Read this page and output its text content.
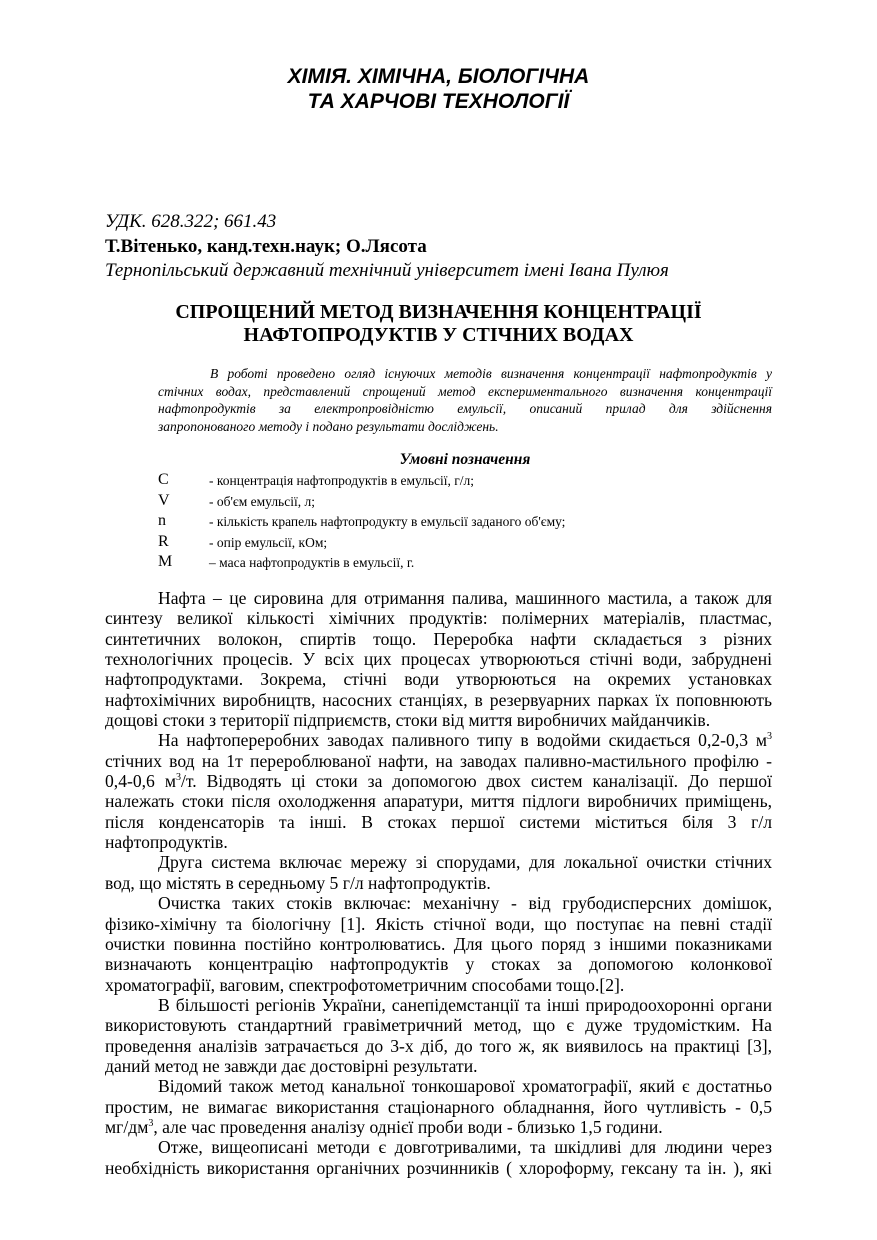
ХІМІЯ. ХІМІЧНА, БІОЛОГІЧНА
ТА ХАРЧОВІ ТЕХНОЛОГІЇ
УДК. 628.322; 661.43
Т.Вітенько, канд.техн.наук; О.Лясота
Тернопільський державний технічний університет імені Івана Пулюя
СПРОЩЕНИЙ МЕТОД ВИЗНАЧЕННЯ КОНЦЕНТРАЦІЇ
НАФТОПРОДУКТІВ У СТІЧНИХ ВОДАХ
В роботі проведено огляд існуючих методів визначення концентрації нафтопродуктів у
стічних водах, представлений спрощений метод експериментального визначення концентрації
нафтопродуктів за електропровідністю емульсії, описаний прилад для здійснення
запропонованого методу і подано результати досліджень.
Умовні позначення
C	- концентрація нафтопродуктів в емульсії, г/л;
V	- об'єм емульсії, л;
n	- кількість крапель нафтопродукту в емульсії заданого об'єму;
R	- опір емульсії, кОм;
M	– маса нафтопродуктів в емульсії, г.
Нафта – це сировина для отримання палива, машинного мастила, а також для
синтезу великої кількості хімічних продуктів: полімерних матеріалів, пластмас,
синтетичних волокон, спиртів тощо. Переробка нафти складається з різних
технологічних процесів. У всіх цих процесах утворюються стічні води, забруднені
нафтопродуктами. Зокрема, стічні води утворюються на окремих установках
нафтохімічних виробництв, насосних станціях, в резервуарних парках їх поповнюють
дощові стоки з території підприємств, стоки від миття виробничих майданчиків.
На нафтопереробних заводах паливного типу в водойми скидається 0,2-0,3 $м^3$
стічних вод на 1т перероблюваної нафти, на заводах паливно-мастильного профілю -
0,4-0,6 $м^3/т$. Відводять ці стоки за допомогою двох систем каналізації. До першої
належать стоки після охолодження апаратури, миття підлоги виробничих приміщень,
після конденсаторів та інші. В стоках першої системи міститься біля 3 г/л
нафтопродуктів.
Друга система включає мережу зі спорудами, для локальної очистки стічних
вод, що містять в середньому 5 г/л нафтопродуктів.
Очистка таких стоків включає: механічну - від грубодисперсних домішок,
фізико-хімічну та біологічну [1]. Якість стічної води, що поступає на певні стадії
очистки повинна постійно контролюватись. Для цього поряд з іншими показниками
визначають концентрацію нафтопродуктів у стоках за допомогою колонкової
хроматографії, ваговим, спектрофотометричним способами тощо.[2].
В більшості регіонів України, санепідемстанції та інші природоохоронні органи
використовують стандартний гравіметричний метод, що є дуже трудомістким. На
проведення аналізів затрачається до 3-х діб, до того ж, як виявилось на практиці [3],
даний метод не завжди дає достовірні результати.
Відомий також метод канальної тонкошарової хроматографії, який є достатньо
простим, не вимагає використання стаціонарного обладнання, його чутливість - 0,5
$мг/дм^3$, але час проведення аналізу однієї проби води - близько 1,5 години.
Отже, вищеописані методи є довготривалими, та шкідливі для людини через
необхідність використання органічних розчинників ( хлороформу, гексану та ін. ), які
